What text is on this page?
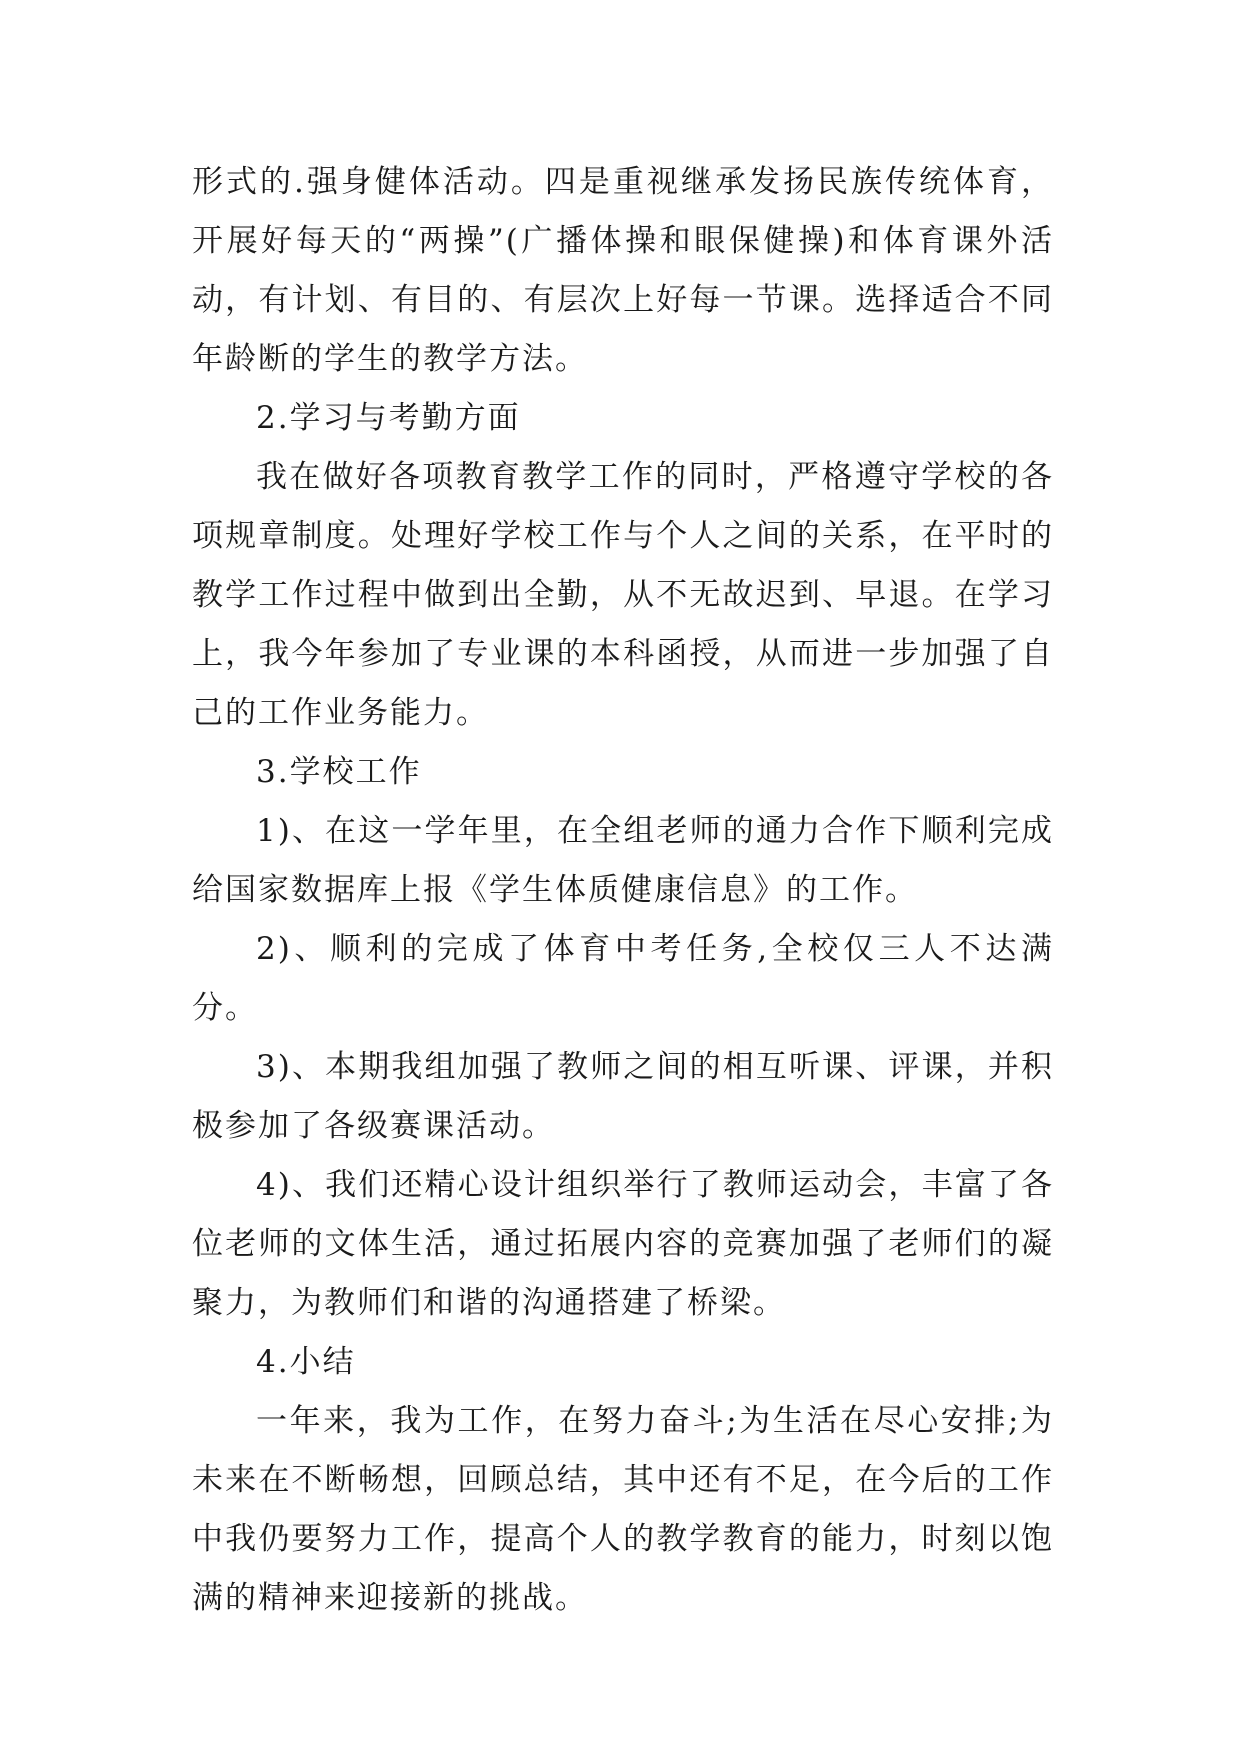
形式的.强身健体活动。四是重视继承发扬民族传统体育，开展好每天的“两操”(广播体操和眼保健操)和体育课外活动，有计划、有目的、有层次上好每一节课。选择适合不同年龄断的学生的教学方法。

2.学习与考勤方面

我在做好各项教育教学工作的同时，严格遵守学校的各项规章制度。处理好学校工作与个人之间的关系，在平时的教学工作过程中做到出全勤，从不无故迟到、早退。在学习上，我今年参加了专业课的本科函授，从而进一步加强了自己的工作业务能力。

3.学校工作

1)、在这一学年里，在全组老师的通力合作下顺利完成给国家数据库上报《学生体质健康信息》的工作。

2)、顺利的完成了体育中考任务,全校仅三人不达满分。

3)、本期我组加强了教师之间的相互听课、评课，并积极参加了各级赛课活动。

4)、我们还精心设计组织举行了教师运动会，丰富了各位老师的文体生活，通过拓展内容的竞赛加强了老师们的凝聚力，为教师们和谐的沟通搭建了桥梁。

4.小结

一年来，我为工作，在努力奋斗;为生活在尽心安排;为未来在不断畅想，回顾总结，其中还有不足，在今后的工作中我仍要努力工作，提高个人的教学教育的能力，时刻以饱满的精神来迎接新的挑战。
